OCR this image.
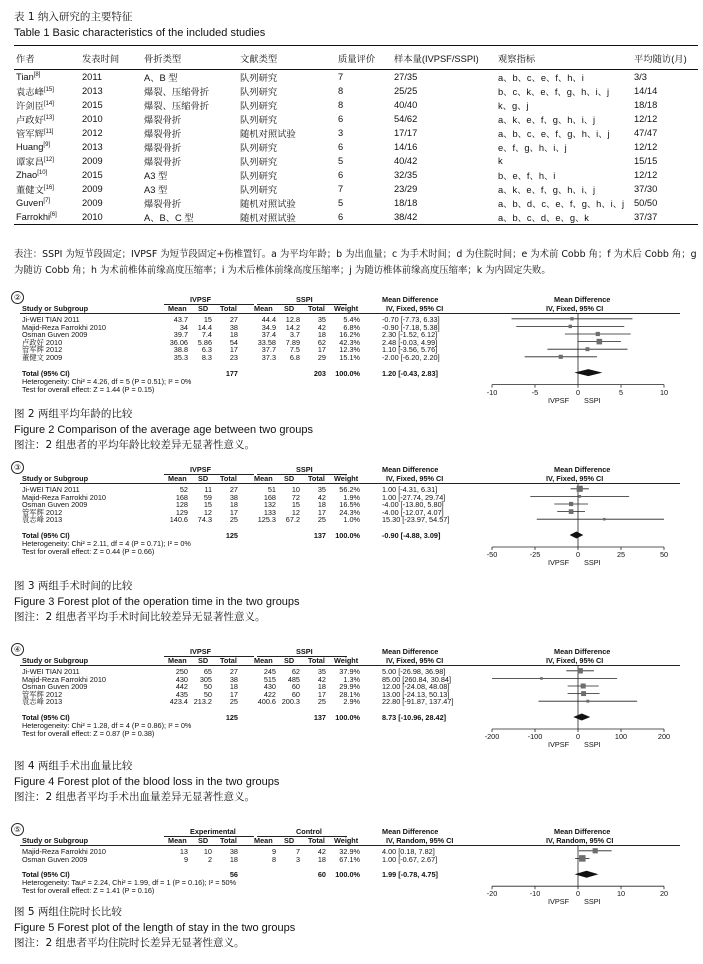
表 1 纳入研究的主要特征
Table 1 Basic characteristics of the included studies
作者	发表时间	骨折类型	文献类型	质量评价	样本量(IVPSF/SSPI)	观察指标	平均随访(月)
Tian[8]	2011	A、B 型	队列研究	7	27/35	a、b、c、e、f、h、i	3/3
袁志峰[15]	2013	爆裂、压缩骨折	队列研究	8	25/25	b、c、k、e、f、g、h、i、j	14/14
许剑臣[14]	2015	爆裂、压缩骨折	队列研究	8	40/40	k、g、j	18/18
卢政好[13]	2010	爆裂骨折	队列研究	6	54/62	a、k、e、f、g、h、i、j	12/12
管军辉[11]	2012	爆裂骨折	随机对照试验	3	17/17	a、b、c、e、f、g、h、i、j	47/47
Huang[9]	2013	爆裂骨折	队列研究	6	14/16	e、f、g、h、i、j	12/12
谭家昌[12]	2009	爆裂骨折	队列研究	5	40/42	k	15/15
Zhao[10]	2015	A3 型	队列研究	6	32/35	b、e、f、h、i	12/12
董健文[16]	2009	A3 型	队列研究	7	23/29	a、k、e、f、g、h、i、j	37/30
Guven[7]	2009	爆裂骨折	随机对照试验	5	18/18	a、b、d、c、e、f、g、h、i、j	50/50
Farrokhi[6]	2010	A、B、C 型	随机对照试验	6	38/42	a、b、c、d、e、g、k	37/37
表注：SSPI 为短节段固定；IVPSF 为短节段固定+伤椎置钉。a 为平均年龄；b 为出血量；c 为手术时间；d 为住院时间；e 为术前 Cobb 角；f 为术后 Cobb 角；g
为随访 Cobb 角；h 为术前椎体前缘高度压缩率；i 为术后椎体前缘高度压缩率；j 为随访椎体前缘高度压缩率；k 为内固定失败。
②	IVPSF	SSPI	Mean Difference	Mean Difference
Study or Subgroup	Mean SD Total Mean SD Total Weight	IV, Fixed, 95% CI	IV, Fixed, 95% CI
Ji-WEI TIAN 2011	43.7	15	27	44.4	12.8	35	5.4%	-0.70 [-7.73, 6.33]
Majid-Reza Farrokhi 2010	34	14.4	38	34.9	14.2	42	6.8%	-0.90 [-7.18, 5.38]
Osman Guven 2009	39.7	7.4	18	37.4	3.7	18	16.2%	2.30 [-1.52, 6.12]
卢政好 2010	36.06	5.86	54	33.58	7.89	62	42.3%	2.48 [-0.03, 4.99]
管军辉 2012	38.8	6.3	17	37.7	7.5	17	12.3%	1.10 [-3.56, 5.76]
董健文 2009	35.3	8.3	23	37.3	6.8	29	15.1%	-2.00 [-6.20, 2.20]
Total (95% CI)	177	203	100.0%	1.20 [-0.43, 2.83]
Heterogeneity: Chi² = 4.26, df = 5 (P = 0.51); I² = 0%
Test for overall effect: Z = 1.44 (P = 0.15)	-10	-5	0	5	10
IVPSF SSPI
图 2 两组平均年龄的比较
Figure 2 Comparison of the average age between two groups
图注：2 组患者的平均年龄比较差异无显著性意义。
③	IVPSF	SSPI	Mean Difference	Mean Difference
Study or Subgroup	Mean SD Total Mean SD Total Weight	IV, Fixed, 95% CI	IV, Fixed, 95% CI
Ji-WEI TIAN 2011	52	11	27	51	10	35	56.2%	1.00 [-4.31, 6.31]
Majid-Reza Farrokhi 2010	168	59	38	168	72	42	1.9%	1.00 [-27.74, 29.74]
Osman Guven 2009	128	15	18	132	15	18	16.5%	-4.00 [-13.80, 5.80]
管军辉 2012	129	12	17	133	12	17	24.3%	-4.00 [-12.07, 4.07]
袁志峰 2013	140.6	74.3	25	125.3	67.2	25	1.0%	15.30 [-23.97, 54.57]
Total (95% CI)	125	137	100.0%	-0.90 [-4.88, 3.09]
Heterogeneity: Chi² = 2.11, df = 4 (P = 0.71); I² = 0%
Test for overall effect: Z = 0.44 (P = 0.66)	-50	-25	0	25	50
IVPSF SSPI
图 3 两组手术时间的比较
Figure 3 Forest plot of the operation time in the two groups
图注：2 组患者平均手术时间比较差异无显著性意义。
④	IVPSF	SSPI	Mean Difference	Mean Difference
Study or Subgroup	Mean SD Total Mean SD Total Weight	IV, Fixed, 95% CI	IV, Fixed, 95% CI
Ji-WEI TIAN 2011	250	65	27	245	62	35	37.9%	5.00 [-26.98, 36.98]
Majid-Reza Farrokhi 2010	430	305	38	515	485	42	1.3%	85.00 [260.84, 30.84]
Osman Guven 2009	442	50	18	430	60	18	29.9%	12.00 [-24.08, 48.08]
管军辉 2012	435	50	17	422	60	17	28.1%	13.00 [-24.13, 50.13]
袁志峰 2013	423.4 213.2	25	400.6 200.3	25	2.9%	22.80 [-91.87, 137.47]
Total (95% CI)	125	137	100.0%	8.73 [-10.96, 28.42]
Heterogeneity: Chi² = 1.28, df = 4 (P = 0.86); I² = 0%
Test for overall effect: Z = 0.87 (P = 0.38)	-200	-100	0	100	200
IVPSF SSPI
图 4 两组手术出血量比较
Figure 4 Forest plot of the blood loss in the two groups
图注：2 组患者平均手术出血量差异无显著性意义。
⑤	Experimental	Control	Mean Difference	Mean Difference
Study or Subgroup	Mean SD Total Mean SD Total Weight	IV, Random, 95% CI	IV, Random, 95% CI
Majid-Reza Farrokhi 2010	13	10	38	9	7	42	32.9%	4.00 [0.18, 7.82]
Osman Guven 2009	9	2	18	8	3	18	67.1%	1.00 [-0.67, 2.67]
Total (95% CI)	56	60	100.0%	1.99 [-0.78, 4.75]
Heterogeneity: Tau² = 2.24, Chi² = 1.99, df = 1 (P = 0.16); I² = 50%
Test for overall effect: Z = 1.41 (P = 0.16)	-20	-10	0	10	20
IVPSF SSPI
图 5 两组住院时长比较
Figure 5 Forest plot of the length of stay in the two groups
图注：2 组患者平均住院时长差异无显著性意义。
